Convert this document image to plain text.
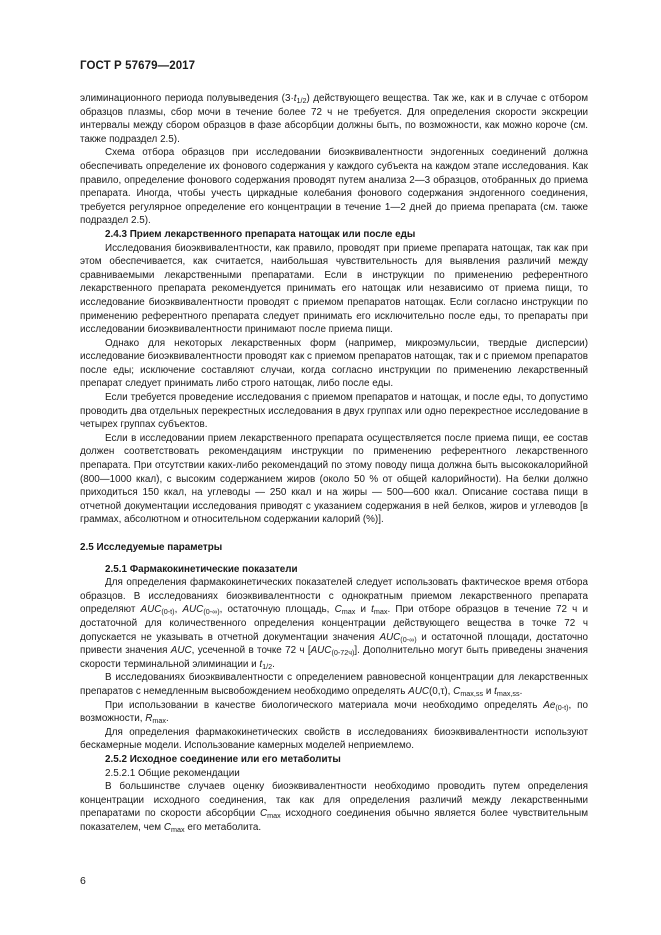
ГОСТ Р 57679—2017

элиминационного периода полувыведения $(3\cdot t_{1/2})$ действующего вещества. Так же, как и в случае с отбором образцов плазмы, сбор мочи в течение более 72 ч не требуется. Для определения скорости экскреции интервалы между сбором образцов в фазе абсорбции должны быть, по возможности, как можно короче (см. также подраздел 2.5).

Схема отбора образцов при исследовании биоэквивалентности эндогенных соединений должна обеспечивать определение их фонового содержания у каждого субъекта на каждом этапе исследования. Как правило, определение фонового содержания проводят путем анализа 2—3 образцов, отобранных до приема препарата. Иногда, чтобы учесть циркадные колебания фонового содержания эндогенного соединения, требуется регулярное определение его концентрации в течение 1—2 дней до приема препарата (см. также подраздел 2.5).

2.4.3 Прием лекарственного препарата натощак или после еды

Исследования биоэквивалентности, как правило, проводят при приеме препарата натощак, так как при этом обеспечивается, как считается, наибольшая чувствительность для выявления различий между сравниваемыми лекарственными препаратами. Если в инструкции по применению референтного лекарственного препарата рекомендуется принимать его натощак или независимо от приема пищи, то исследование биоэквивалентности проводят с приемом препаратов натощак. Если согласно инструкции по применению референтного препарата следует принимать его исключительно после еды, то препараты при исследовании биоэквивалентности принимают после приема пищи.

Однако для некоторых лекарственных форм (например, микроэмульсии, твердые дисперсии) исследование биоэквивалентности проводят как с приемом препаратов натощак, так и с приемом препаратов после еды; исключение составляют случаи, когда согласно инструкции по применению лекарственный препарат следует принимать либо строго натощак, либо после еды.

Если требуется проведение исследования с приемом препаратов и натощак, и после еды, то допустимо проводить два отдельных перекрестных исследования в двух группах или одно перекрестное исследование в четырех группах субъектов.

Если в исследовании прием лекарственного препарата осуществляется после приема пищи, ее состав должен соответствовать рекомендациям инструкции по применению референтного лекарственного препарата. При отсутствии каких-либо рекомендаций по этому поводу пища должна быть высококалорийной (800—1000 ккал), с высоким содержанием жиров (около 50 % от общей калорийности). На белки должно приходиться 150 ккал, на углеводы — 250 ккал и на жиры — 500—600 ккал. Описание состава пищи в отчетной документации исследования приводят с указанием содержания в ней белков, жиров и углеводов [в граммах, абсолютном и относительном содержании калорий (%)].

2.5 Исследуемые параметры
2.5.1 Фармакокинетические показатели

Для определения фармакокинетических показателей следует использовать фактическое время отбора образцов. В исследованиях биоэквивалентности с однократным приемом лекарственного препарата определяют $AUC_{(0-t)}$, $AUC_{(0-\infty)}$, остаточную площадь, $C_{max}$ и $t_{max}$. При отборе образцов в течение 72 ч и достаточной для количественного определения концентрации действующего вещества в точке 72 ч допускается не указывать в отчетной документации значения $AUC_{(0-\infty)}$ и остаточной площади, достаточно привести значения AUC, усеченной в точке 72 ч $[AUC_{(0-72ч)}]$. Дополнительно могут быть приведены значения скорости терминальной элиминации и $t_{1/2}$.

В исследованиях биоэквивалентности с определением равновесной концентрации для лекарственных препаратов с немедленным высвобождением необходимо определять AUC(0,τ), $C_{max,ss}$ и $t_{max,ss}$.

При использовании в качестве биологического материала мочи необходимо определять $Ae_{(0-t)}$, по возможности, $R_{max}$.

Для определения фармакокинетических свойств в исследованиях биоэквивалентности используют бескамерные модели. Использование камерных моделей неприемлемо.

2.5.2 Исходное соединение или его метаболиты
2.5.2.1 Общие рекомендации

В большинстве случаев оценку биоэквивалентности необходимо проводить путем определения концентрации исходного соединения, так как для определения различий между лекарственными препаратами по скорости абсорбции $C_{max}$ исходного соединения обычно является более чувствительным показателем, чем $C_{max}$ его метаболита.

6
